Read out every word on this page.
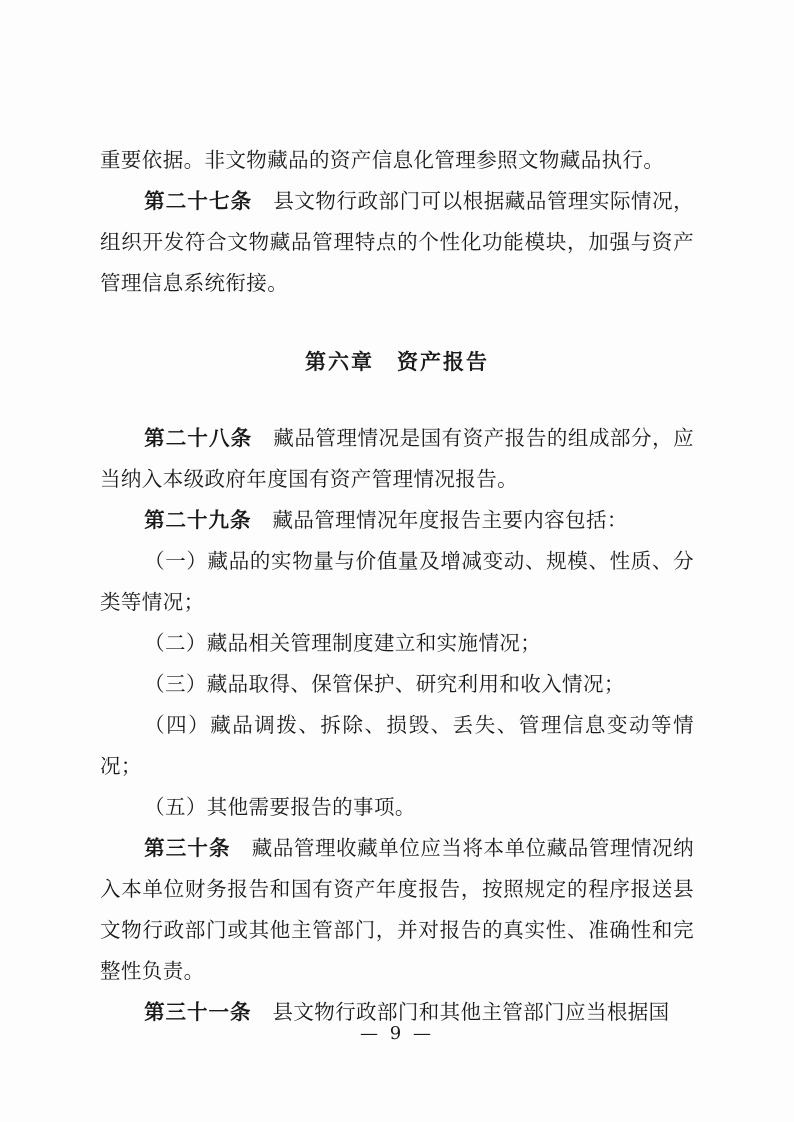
重要依据。非文物藏品的资产信息化管理参照文物藏品执行。

第二十七条　县文物行政部门可以根据藏品管理实际情况，组织开发符合文物藏品管理特点的个性化功能模块，加强与资产管理信息系统衔接。

第六章　资产报告

第二十八条　藏品管理情况是国有资产报告的组成部分，应当纳入本级政府年度国有资产管理情况报告。

第二十九条　藏品管理情况年度报告主要内容包括：

（一）藏品的实物量与价值量及增减变动、规模、性质、分类等情况；

（二）藏品相关管理制度建立和实施情况；

（三）藏品取得、保管保护、研究利用和收入情况；

（四）藏品调拨、拆除、损毁、丢失、管理信息变动等情况；

（五）其他需要报告的事项。

第三十条　藏品管理收藏单位应当将本单位藏品管理情况纳入本单位财务报告和国有资产年度报告，按照规定的程序报送县文物行政部门或其他主管部门，并对报告的真实性、准确性和完整性负责。

第三十一条　县文物行政部门和其他主管部门应当根据国

— 9 —
